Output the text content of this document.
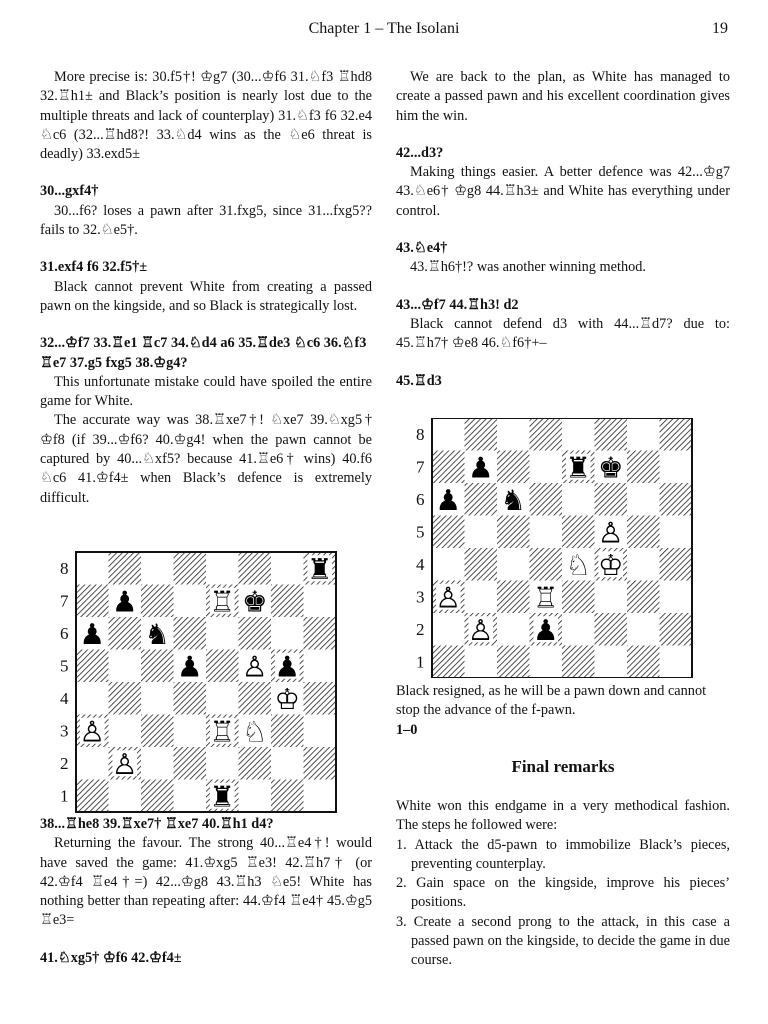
Chapter 1 – The Isolani	19

More precise is: 30.f5†! ♔g7 (30...♔f6 31.♘f3 ♖hd8 32.♖h1± and Black’s position is nearly lost due to the multiple threats and lack of counterplay) 31.♘f3 f6 32.e4 ♘c6 (32...♖hd8?! 33.♘d4 wins as the ♘e6 threat is deadly) 33.exd5±

30...gxf4†

30...f6? loses a pawn after 31.fxg5, since 31...fxg5?? fails to 32.♘e5†.

31.exf4 f6 32.f5†±

Black cannot prevent White from creating a passed pawn on the kingside, and so Black is strategically lost.

32...♔f7 33.♖e1 ♖c7 34.♘d4 a6 35.♖de3 ♘c6 36.♘f3 ♖e7 37.g5 fxg5 38.♔g4?

This unfortunate mistake could have spoiled the entire game for White.

The accurate way was 38.♖xe7†! ♘xe7 39.♘xg5† ♔f8 (if 39...♔f6? 40.♔g4! when the pawn cannot be captured by 40...♘xf5? because 41.♖e6† wins) 40.f6 ♘c6 41.♔f4± when Black’s defence is extremely difficult.

8
7
6
5
4
3
2
1
♜
♟	♖ ♚
♟ ♞
♟ ♙ ♟
♔
♙	♖ ♘
♙
♜
38...♖he8 39.♖xe7† ♖xe7 40.♖h1 d4?

Returning the favour. The strong 40...♖e4†! would have saved the game: 41.♔xg5 ♖e3! 42.♖h7† (or 42.♔f4 ♖e4†=) 42...♔g8 43.♖h3 ♘e5! White has nothing better than repeating after: 44.♔f4 ♖e4† 45.♔g5 ♖e3=

41.♘xg5† ♔f6 42.♔f4±

We are back to the plan, as White has managed to create a passed pawn and his excellent coordination gives him the win.

42...d3?

Making things easier. A better defence was 42...♔g7 43.♘e6† ♔g8 44.♖h3± and White has everything under control.

43.♘e4†

43.♖h6†!? was another winning method.

43...♔f7 44.♖h3! d2

Black cannot defend d3 with 44...♖d7? due to: 45.♖h7† ♔e8 46.♘f6†+–

45.♖d3
8
7
6
5
4
3
2
1
♟	♜ ♚
♟ ♞
♙
♘ ♔
♙	♖
♙ ♟

Black resigned, as he will be a pawn down and cannot stop the advance of the f-pawn.

1–0
Final remarks

White won this endgame in a very methodical fashion. The steps he followed were:

1. Attack the d5-pawn to immobilize Black’s pieces, preventing counterplay.
2. Gain space on the kingside, improve his pieces’ positions.
3. Create a second prong to the attack, in this case a passed pawn on the kingside, to decide the game in due course.
